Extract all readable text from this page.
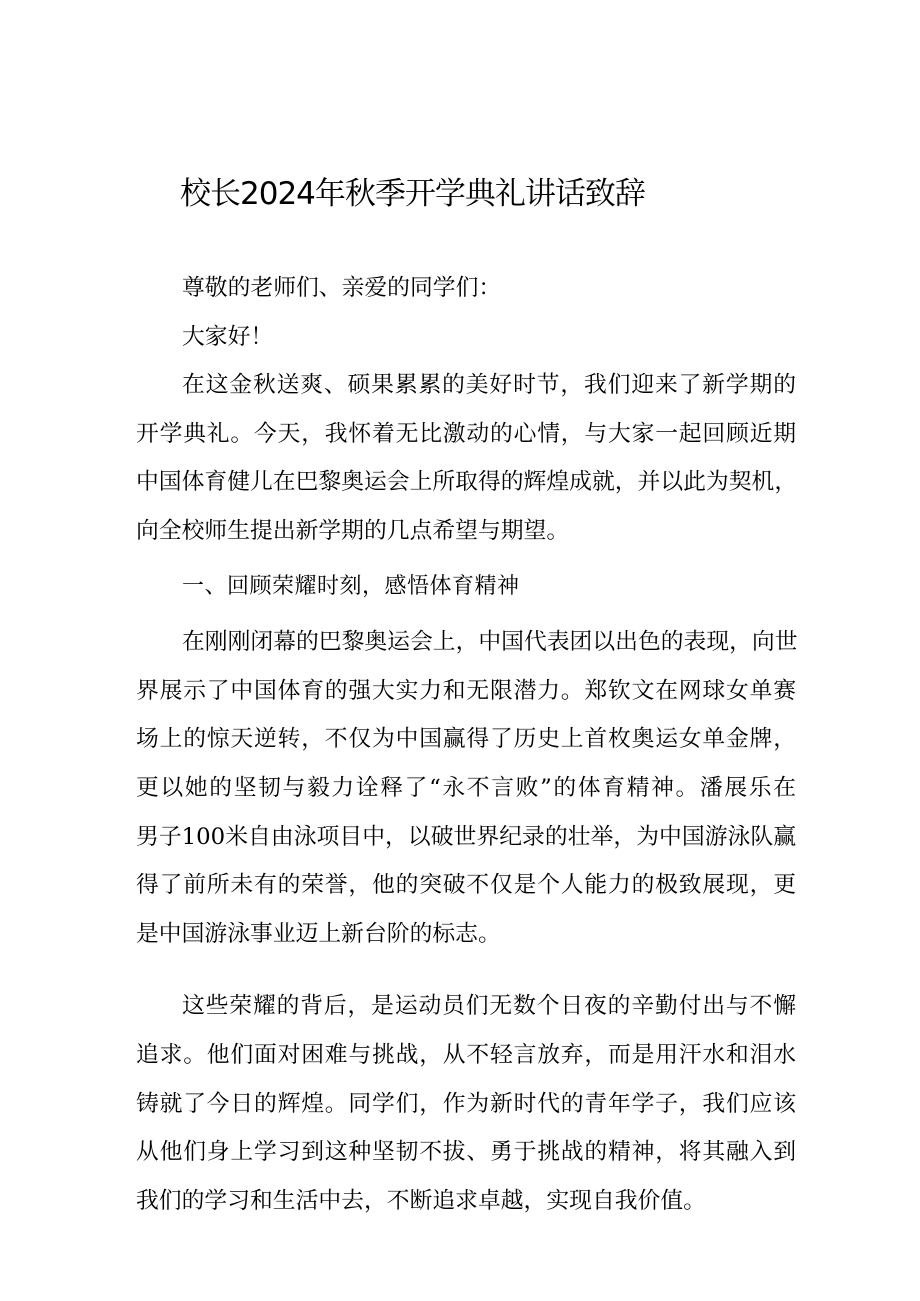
校长2024年秋季开学典礼讲话致辞
尊敬的老师们、亲爱的同学们：
大家好！
在这金秋送爽、硕果累累的美好时节，我们迎来了新学期的
开学典礼。今天，我怀着无比激动的心情，与大家一起回顾近期
中国体育健儿在巴黎奥运会上所取得的辉煌成就，并以此为契机，
向全校师生提出新学期的几点希望与期望。
一、回顾荣耀时刻，感悟体育精神
在刚刚闭幕的巴黎奥运会上，中国代表团以出色的表现，向世
界展示了中国体育的强大实力和无限潜力。郑钦文在网球女单赛
场上的惊天逆转，不仅为中国赢得了历史上首枚奥运女单金牌，
更以她的坚韧与毅力诠释了“永不言败”的体育精神。潘展乐在
男子100米自由泳项目中，以破世界纪录的壮举，为中国游泳队赢
得了前所未有的荣誉，他的突破不仅是个人能力的极致展现，更
是中国游泳事业迈上新台阶的标志。
这些荣耀的背后，是运动员们无数个日夜的辛勤付出与不懈
追求。他们面对困难与挑战，从不轻言放弃，而是用汗水和泪水
铸就了今日的辉煌。同学们，作为新时代的青年学子，我们应该
从他们身上学习到这种坚韧不拔、勇于挑战的精神，将其融入到
我们的学习和生活中去，不断追求卓越，实现自我价值。
